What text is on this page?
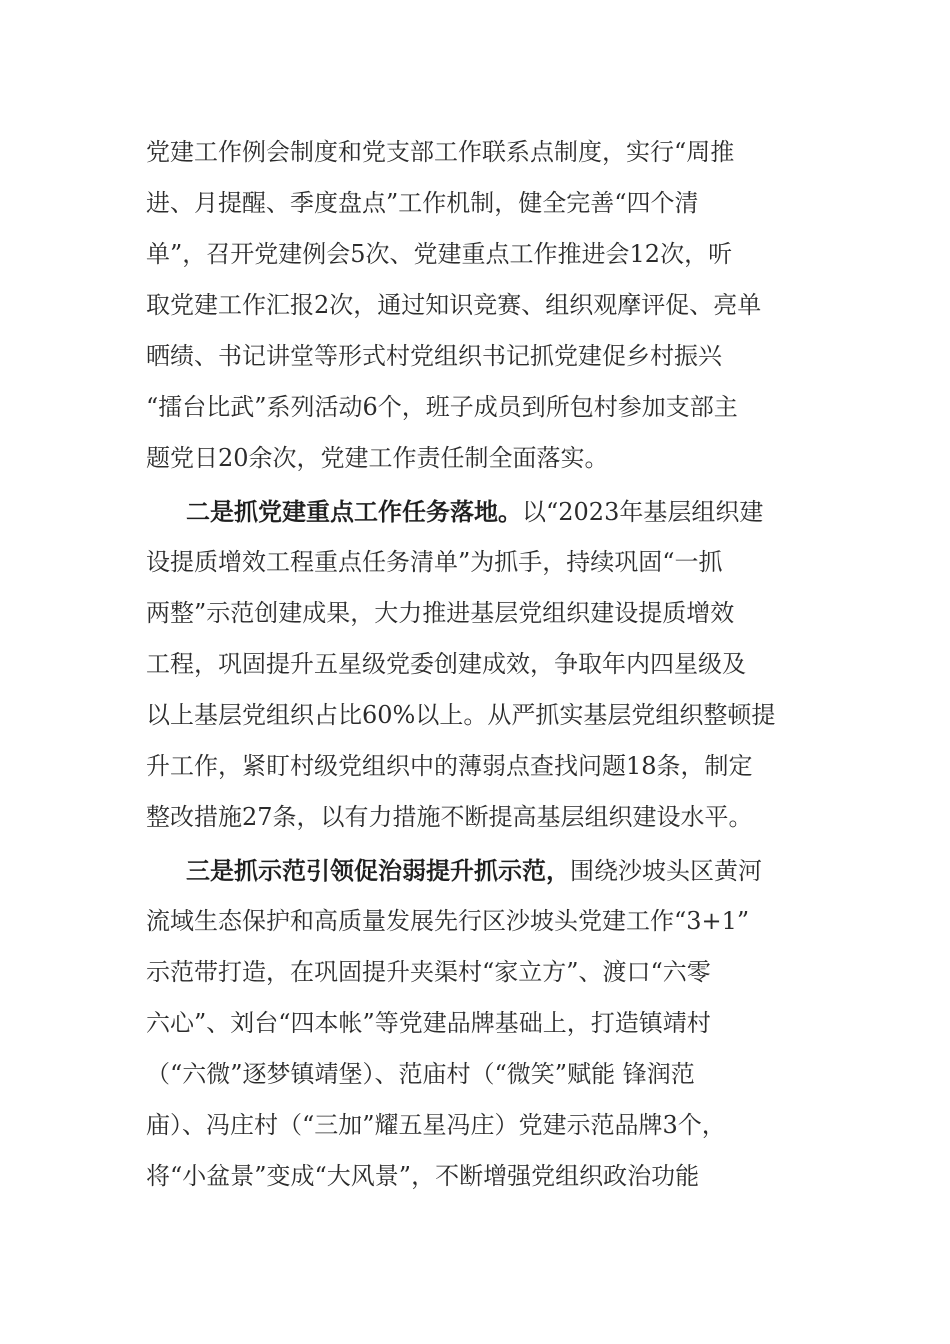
党建工作例会制度和党支部工作联系点制度，实行“周推
进、月提醒、季度盘点”工作机制，健全完善“四个清
单”，召开党建例会5次、党建重点工作推进会12次，听
取党建工作汇报2次，通过知识竞赛、组织观摩评促、亮单
晒绩、书记讲堂等形式村党组织书记抓党建促乡村振兴
“擂台比武”系列活动6个，班子成员到所包村参加支部主
题党日20余次，党建工作责任制全面落实。
二是抓党建重点工作任务落地。以“2023年基层组织建
设提质增效工程重点任务清单”为抓手，持续巩固“一抓
两整”示范创建成果，大力推进基层党组织建设提质增效
工程，巩固提升五星级党委创建成效，争取年内四星级及
以上基层党组织占比60%以上。从严抓实基层党组织整顿提
升工作，紧盯村级党组织中的薄弱点查找问题18条，制定
整改措施27条，以有力措施不断提高基层组织建设水平。
三是抓示范引领促治弱提升抓示范，围绕沙坡头区黄河
流域生态保护和高质量发展先行区沙坡头党建工作“3+1”
示范带打造，在巩固提升夹渠村“家立方”、渡口“六零
六心”、刘台“四本帐”等党建品牌基础上，打造镇靖村
（“六微”逐梦镇靖堡）、范庙村（“微笑”赋能 锋润范
庙）、冯庄村（“三加”耀五星冯庄）党建示范品牌3个，
将“小盆景”变成“大风景”，不断增强党组织政治功能
